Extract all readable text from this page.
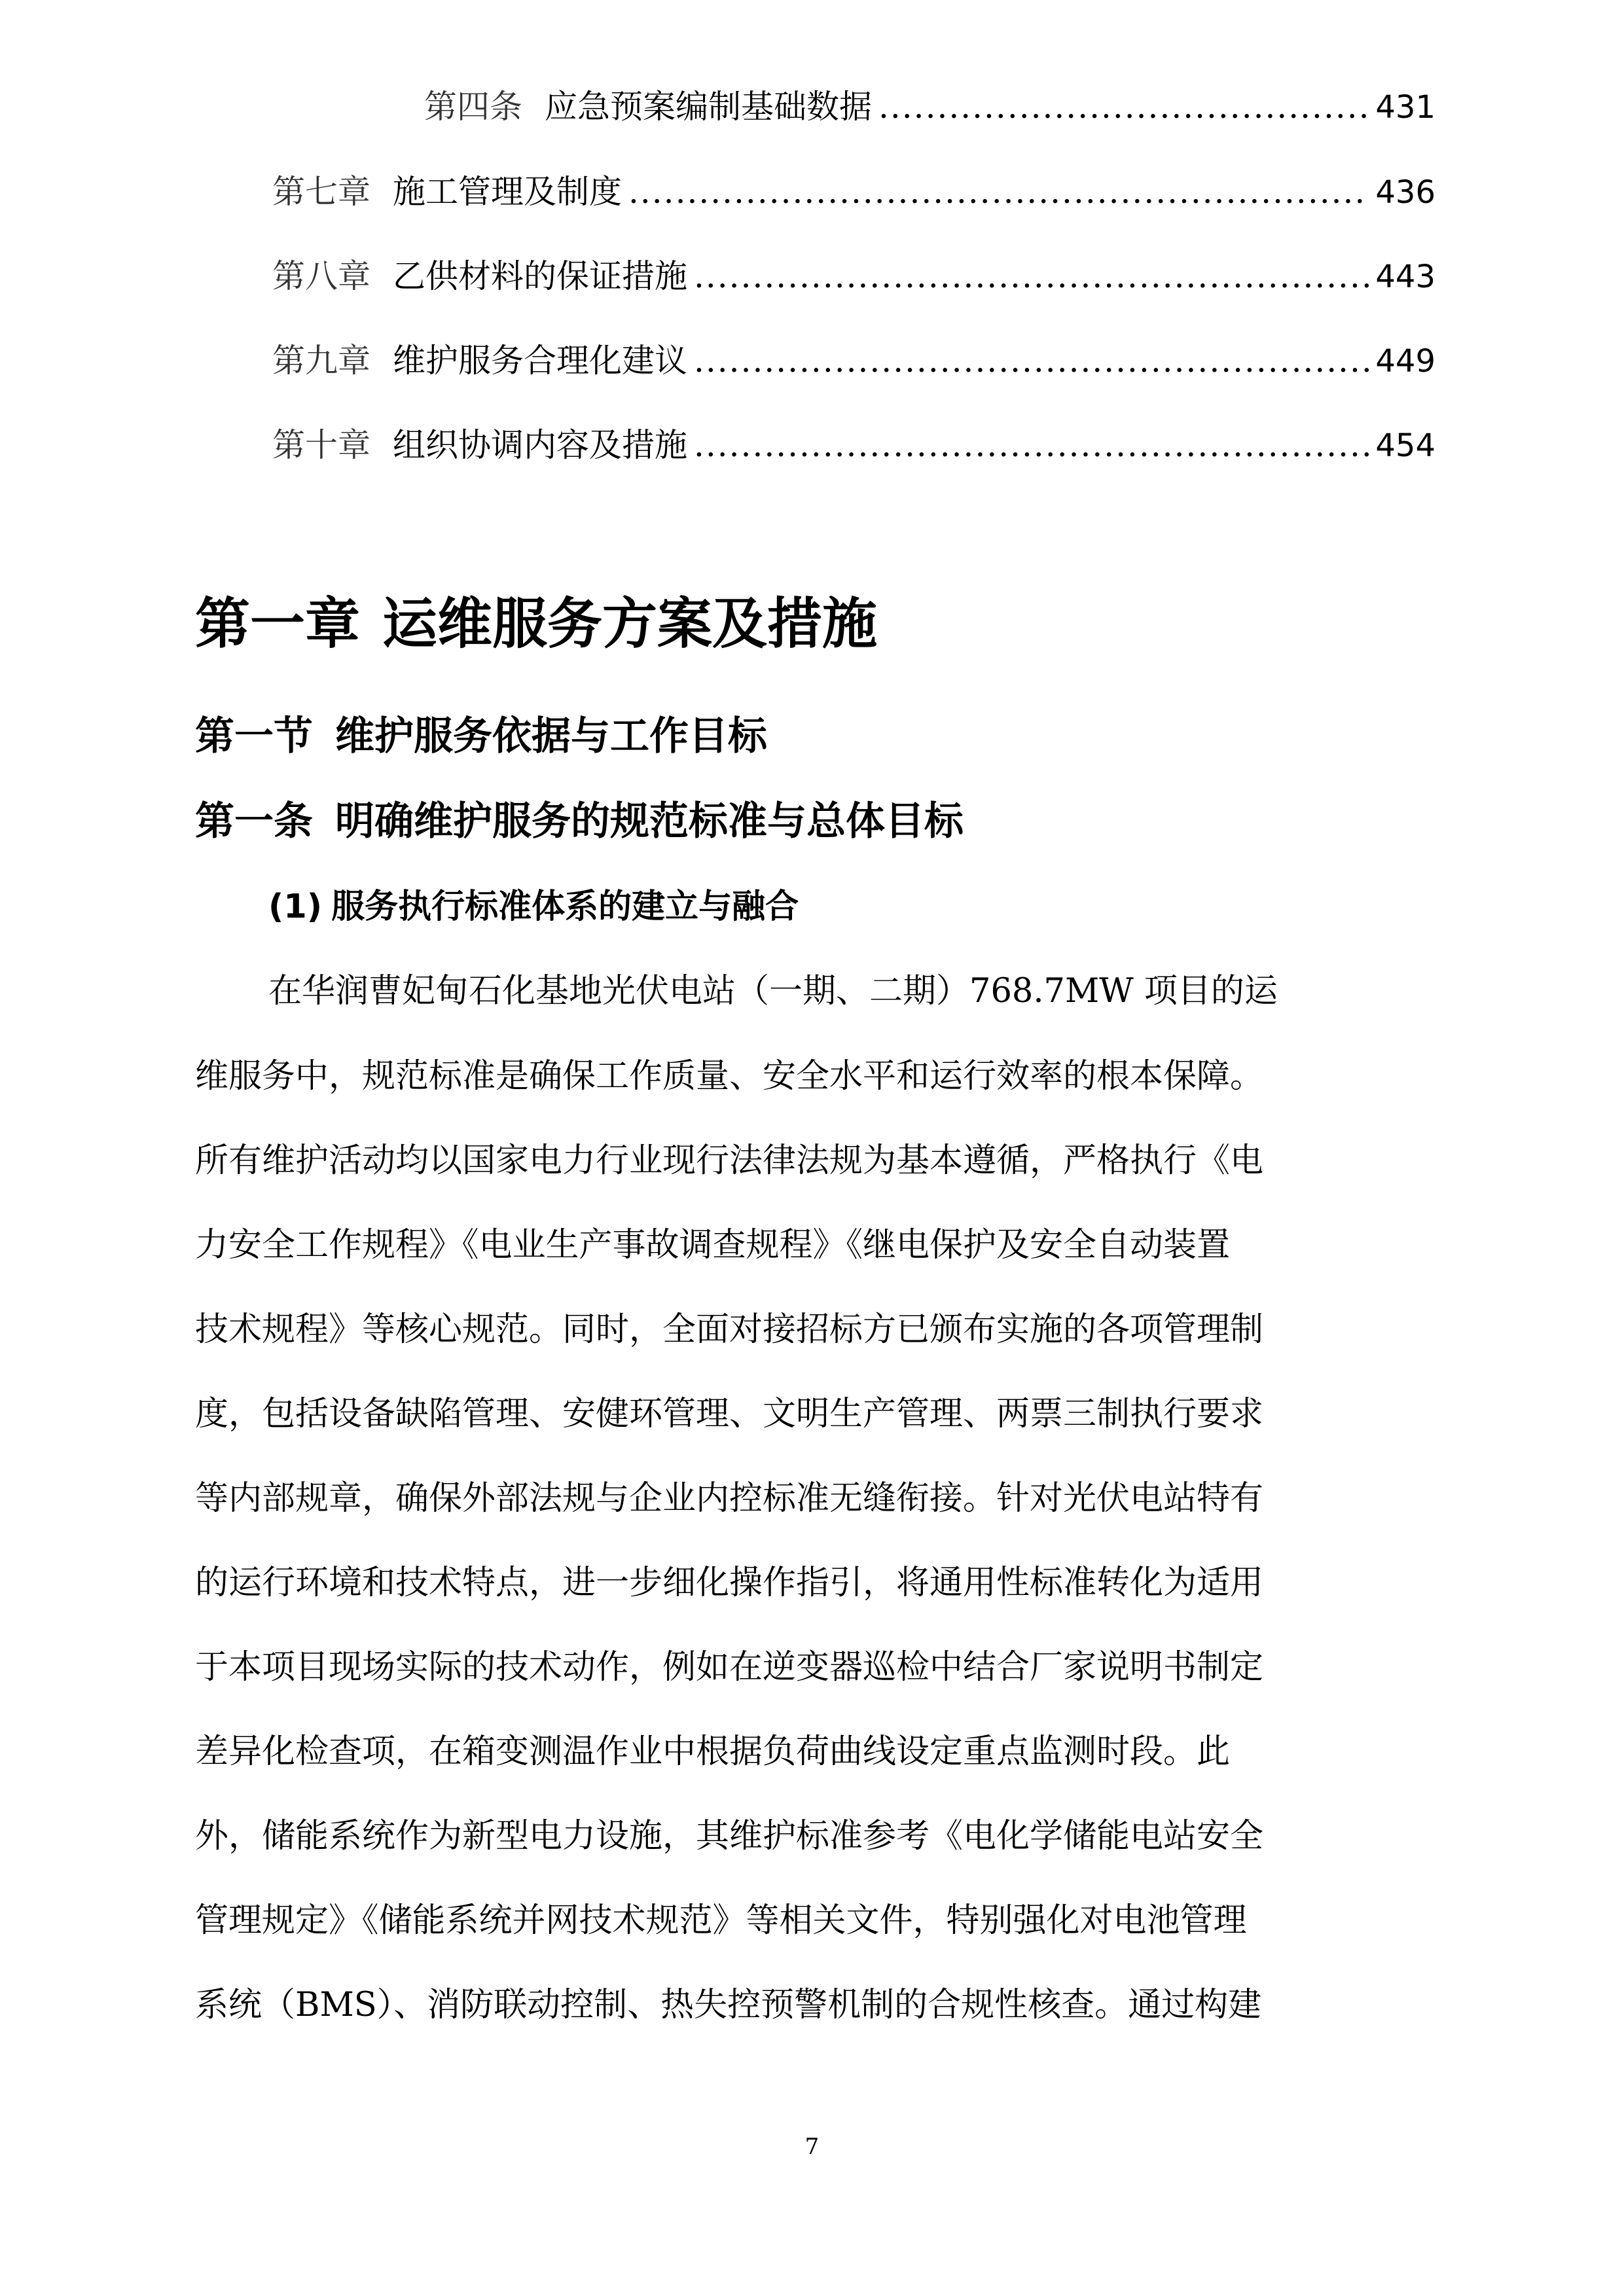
第四条 应急预案编制基础数据 .....	431
第七章 施工管理及制度 .....	436
第八章 乙供材料的保证措施 .....	443
第九章 维护服务合理化建议 .....	449
第十章 组织协调内容及措施 .....	454
第一章 运维服务方案及措施
第一节 维护服务依据与工作目标
第一条 明确维护服务的规范标准与总体目标
(1) 服务执行标准体系的建立与融合

在华润曹妃甸石化基地光伏电站（一期、二期）768.7MW 项目的运

维服务中，规范标准是确保工作质量、安全水平和运行效率的根本保障。

所有维护活动均以国家电力行业现行法律法规为基本遵循，严格执行《电

力安全工作规程》《电业生产事故调查规程》《继电保护及安全自动装置

技术规程》等核心规范。同时，全面对接招标方已颁布实施的各项管理制

度，包括设备缺陷管理、安健环管理、文明生产管理、两票三制执行要求

等内部规章，确保外部法规与企业内控标准无缝衔接。针对光伏电站特有

的运行环境和技术特点，进一步细化操作指引，将通用性标准转化为适用

于本项目现场实际的技术动作，例如在逆变器巡检中结合厂家说明书制定

差异化检查项，在箱变测温作业中根据负荷曲线设定重点监测时段。此

外，储能系统作为新型电力设施，其维护标准参考《电化学储能电站安全

管理规定》《储能系统并网技术规范》等相关文件，特别强化对电池管理

系统（BMS）、消防联动控制、热失控预警机制的合规性核查。通过构建

7
